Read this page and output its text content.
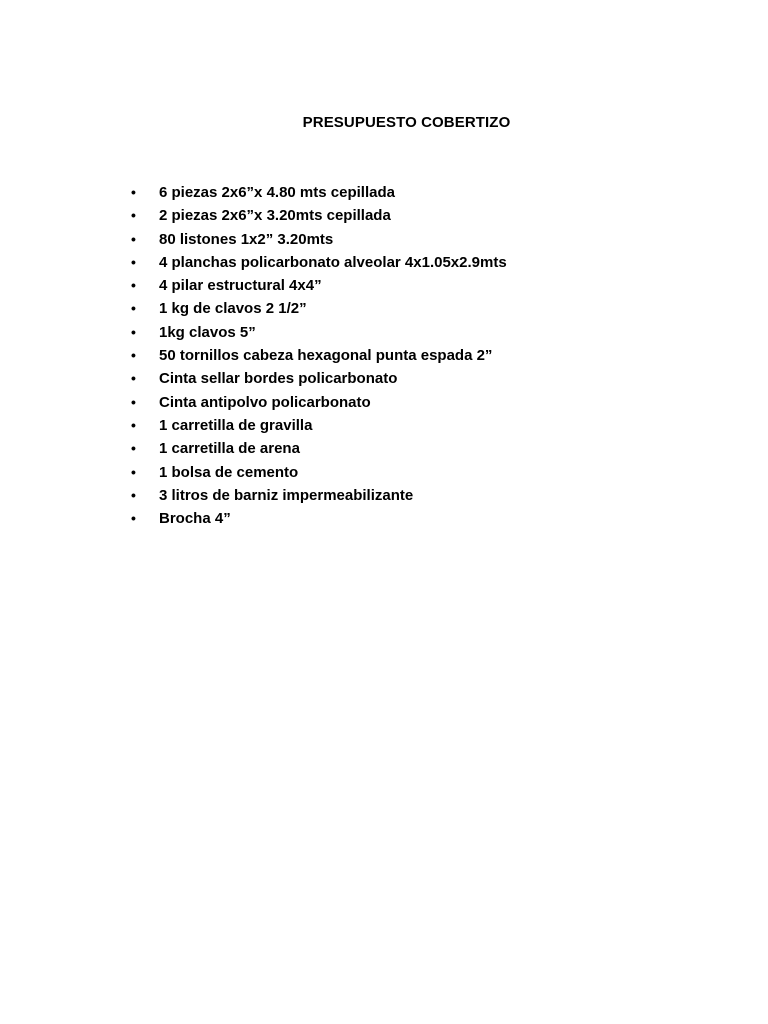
PRESUPUESTO COBERTIZO
• 6 piezas 2x6”x 4.80 mts cepillada
• 2 piezas 2x6”x 3.20mts cepillada
• 80 listones 1x2” 3.20mts
• 4 planchas policarbonato alveolar 4x1.05x2.9mts
• 4 pilar estructural 4x4”
• 1 kg de clavos 2 1/2”
• 1kg clavos 5”
• 50 tornillos cabeza hexagonal punta espada 2”
• Cinta sellar bordes policarbonato
• Cinta antipolvo policarbonato
• 1 carretilla de gravilla
• 1 carretilla de arena
• 1 bolsa de cemento
• 3 litros de barniz impermeabilizante
• Brocha 4”
